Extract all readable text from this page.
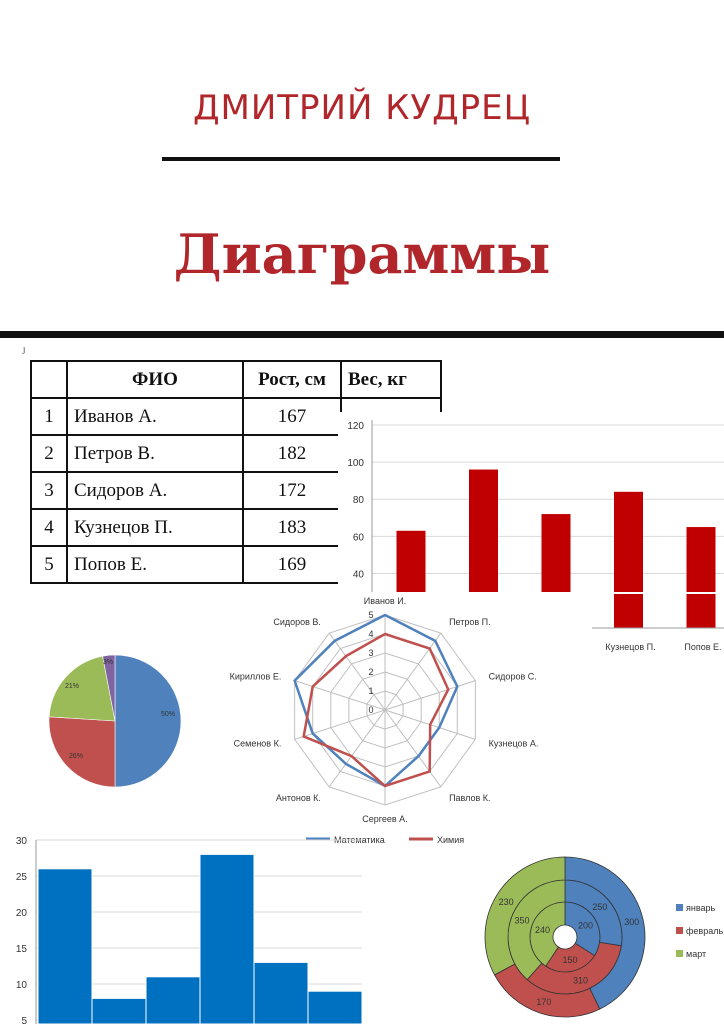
ДМИТРИЙ КУДРЕЦ
Диаграммы
J
	ФИО	Рост, см	Вес, кг
1	Иванов А.	167	
2	Петров В.	182	
3	Сидоров А.	172	
4	Кузнецов П.	183	
5	Попов Е.	169	
120
100
80
60
40
Кузнецов П.	Попов Е.
50%
26%
21%
3%
0
1
2
3
4
5
Иванов И.
Петров П.
Сидоров С.
Кузнецов А.
Павлов К.
Сергеев А.
Антонов К.
Семенов К.
Кириллов Е.
Сидоров В.
Математика	Химия
30
25
20
15
10
5
200
150
240
250
310
350	300
170
230
январь
февраль
март
